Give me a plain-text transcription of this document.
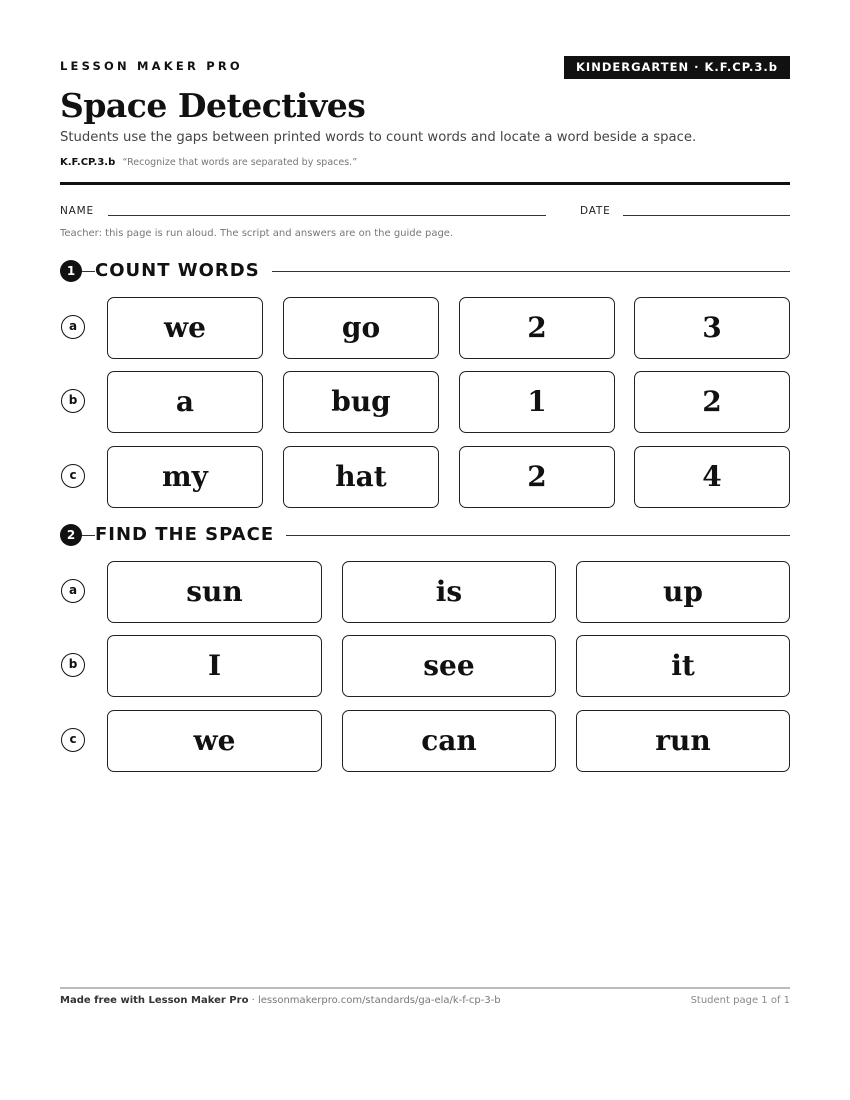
LESSON MAKER PRO	KINDERGARTEN · K.F.CP.3.b
Space Detectives
Students use the gaps between printed words to count words and locate a word beside a space.
K.F.CP.3.b “Recognize that words are separated by spaces.”
NAME	DATE
Teacher: this page is run aloud. The script and answers are on the guide page.
1	COUNT WORDS
a	we	go	2	3
b	a	bug	1	2
c	my	hat	2	4
2	FIND THE SPACE
a	sun	is	up
b	I	see	it
c	we	can	run
Made free with Lesson Maker Pro · lessonmakerpro.com/standards/ga-ela/k-f-cp-3-b	Student page 1 of 1
